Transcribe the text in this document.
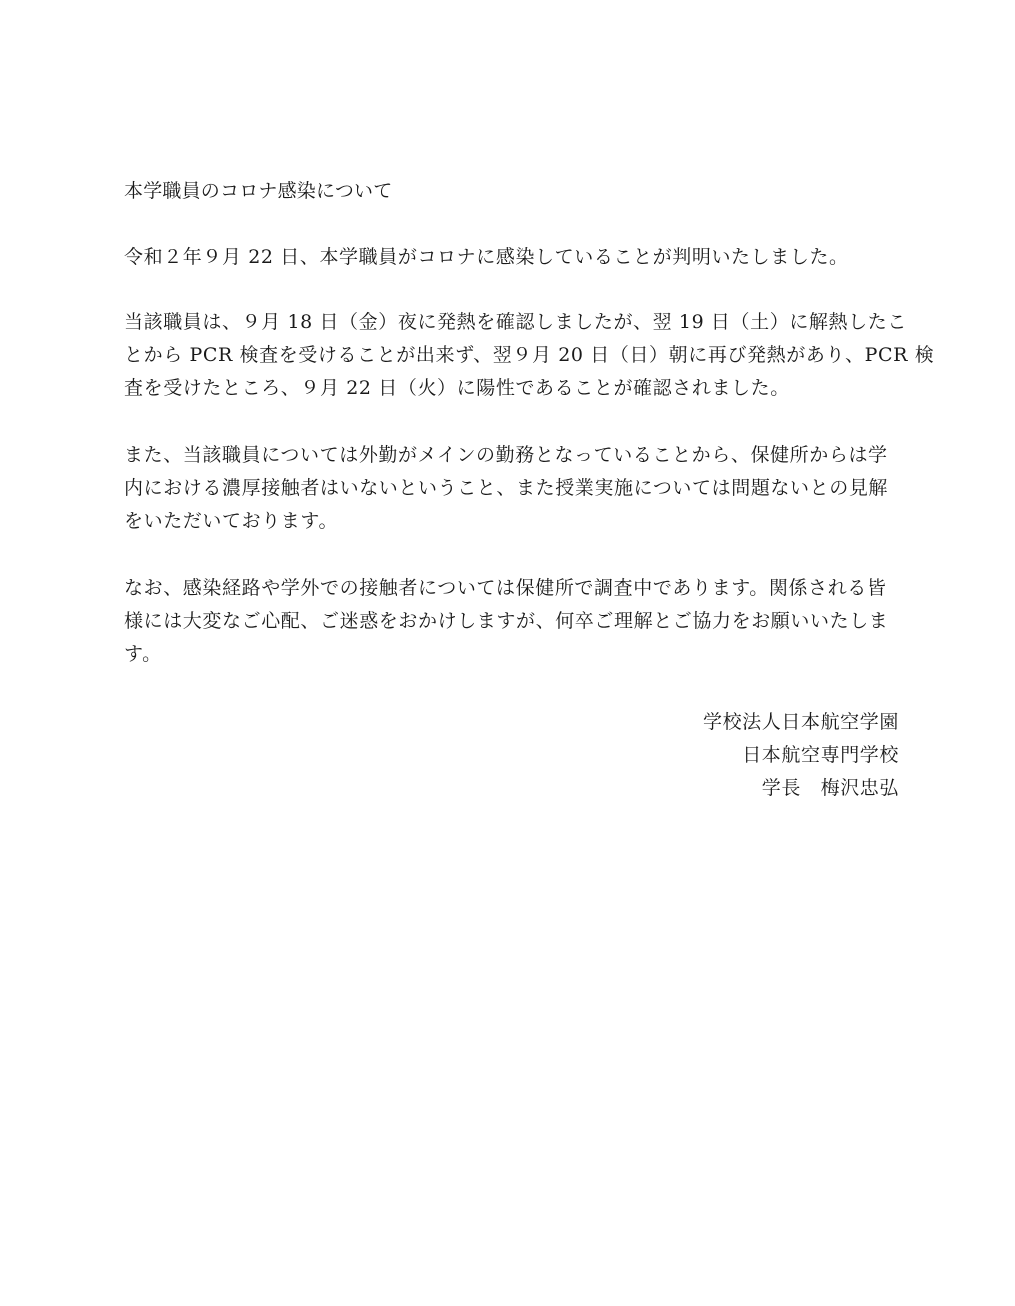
本学職員のコロナ感染について

令和２年９月 22 日、本学職員がコロナに感染していることが判明いたしました。

当該職員は、９月 18 日（金）夜に発熱を確認しましたが、翌 19 日（土）に解熱したこ
とから PCR 検査を受けることが出来ず、翌９月 20 日（日）朝に再び発熱があり、PCR 検
査を受けたところ、９月 22 日（火）に陽性であることが確認されました。

また、当該職員については外勤がメインの勤務となっていることから、保健所からは学
内における濃厚接触者はいないということ、また授業実施については問題ないとの見解
をいただいております。

なお、感染経路や学外での接触者については保健所で調査中であります。関係される皆
様には大変なご心配、ご迷惑をおかけしますが、何卒ご理解とご協力をお願いいたしま
す。

学校法人日本航空学園
日本航空専門学校
学長　梅沢忠弘
